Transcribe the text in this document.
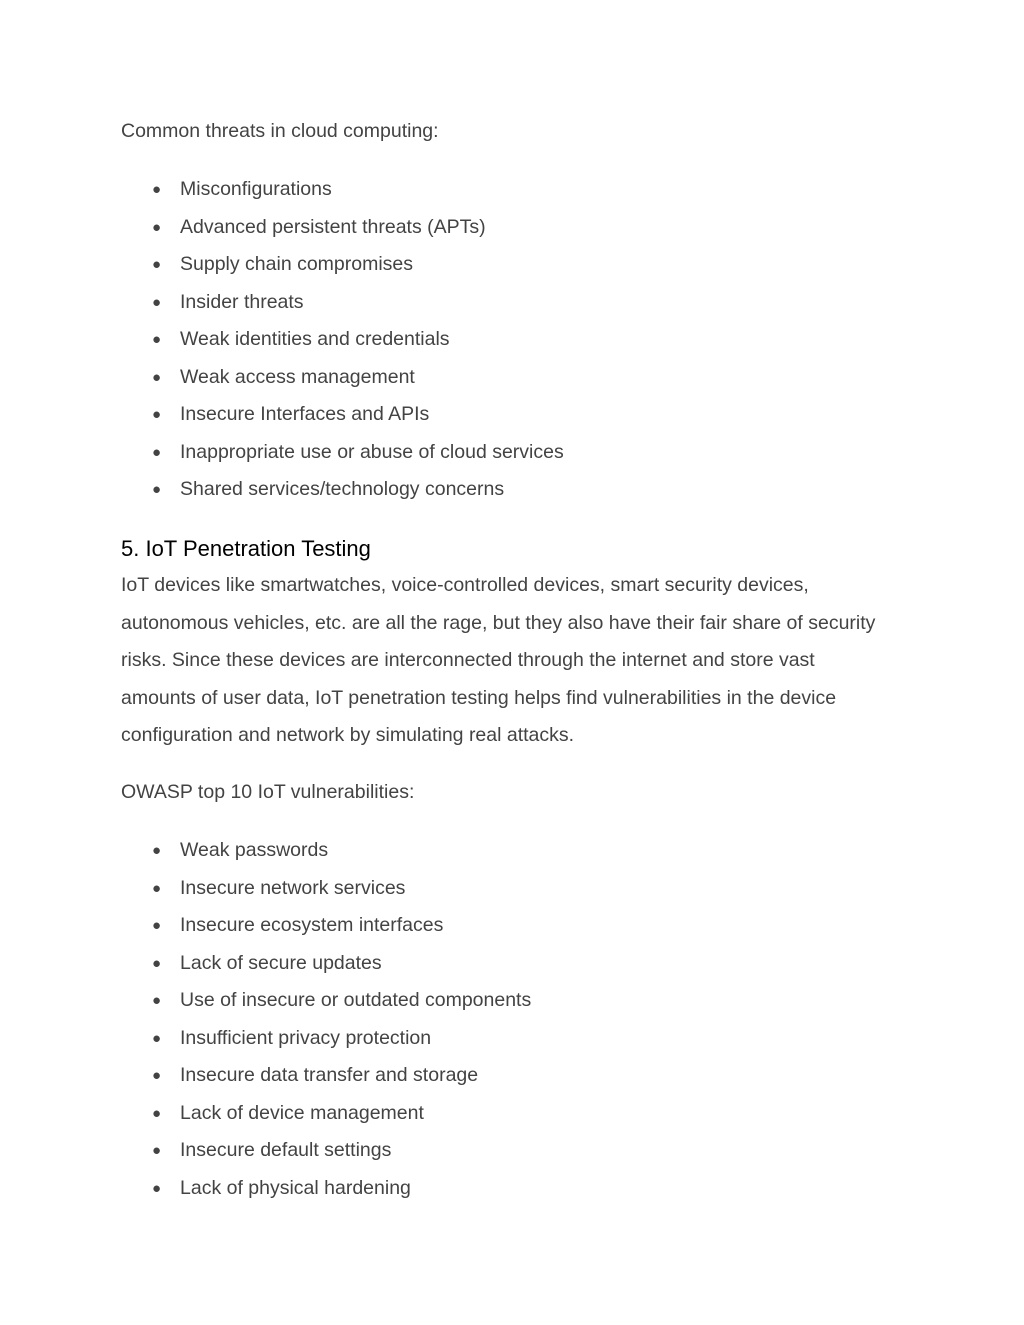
Common threats in cloud computing:

● Misconfigurations
● Advanced persistent threats (APTs)
● Supply chain compromises
● Insider threats
● Weak identities and credentials
● Weak access management
● Insecure Interfaces and APIs
● Inappropriate use or abuse of cloud services
● Shared services/technology concerns
5. IoT Penetration Testing
IoT devices like smartwatches, voice-controlled devices, smart security devices,
autonomous vehicles, etc. are all the rage, but they also have their fair share of security
risks. Since these devices are interconnected through the internet and store vast
amounts of user data, IoT penetration testing helps find vulnerabilities in the device
configuration and network by simulating real attacks.

OWASP top 10 IoT vulnerabilities:

● Weak passwords
● Insecure network services
● Insecure ecosystem interfaces
● Lack of secure updates
● Use of insecure or outdated components
● Insufficient privacy protection
● Insecure data transfer and storage
● Lack of device management
● Insecure default settings
● Lack of physical hardening
